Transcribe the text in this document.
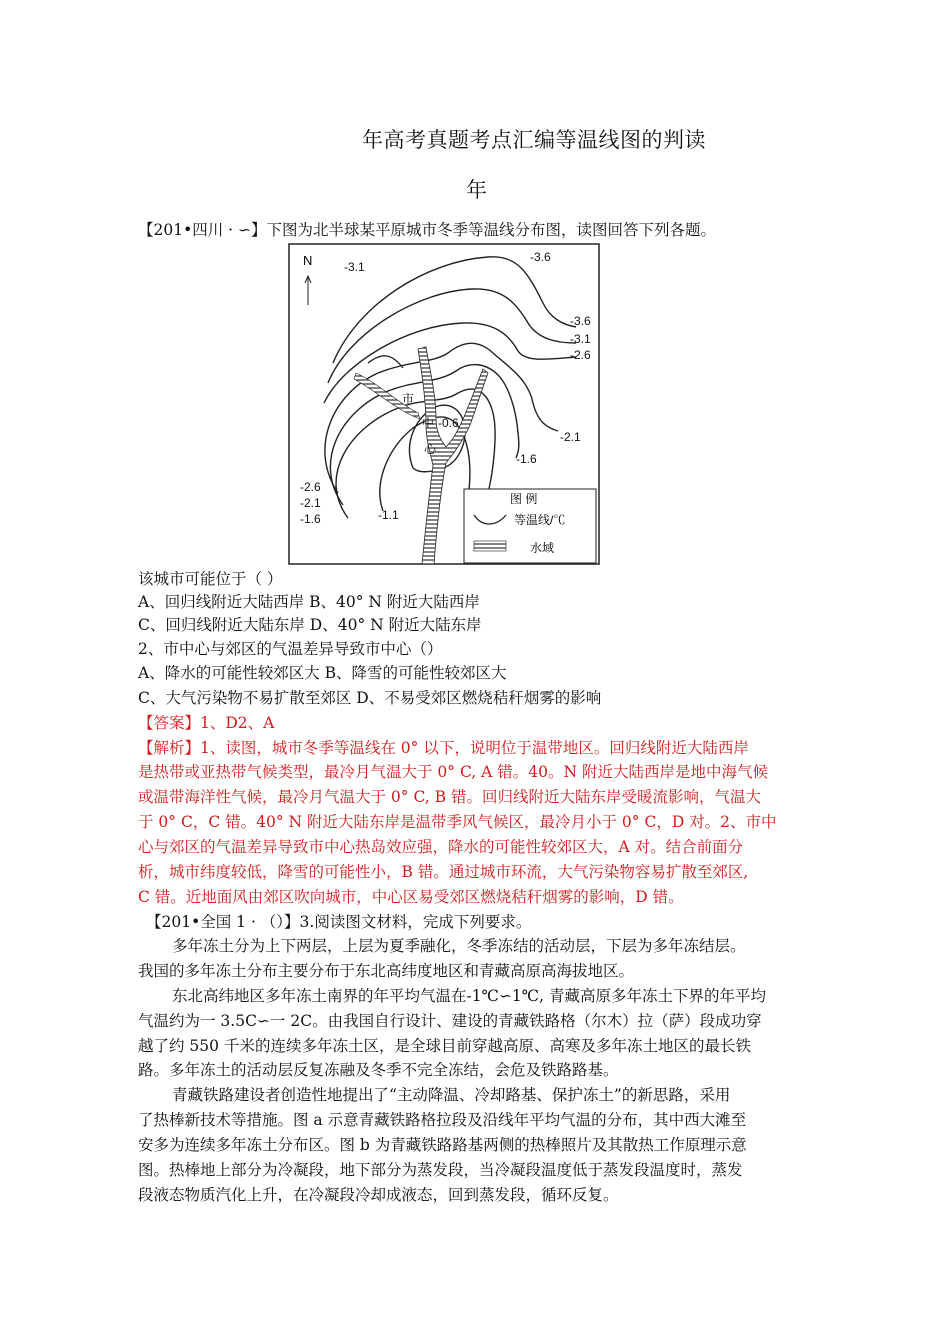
年高考真题考点汇编等温线图的判读
年
【201•四川 · ∽】下图为北半球某平原城市冬季等温线分布图，读图回答下列各题。
N	-3.1
-3.6
-3.6
-3.1
-2.6
-2.1
-1.6
-2.6
-2.1
-1.6	-1.1
-0.6
市
中
心
图 例
等温线/℃
水域
该城市可能位于（ ）
A、回归线附近大陆西岸 B、40° N 附近大陆西岸
C、回归线附近大陆东岸 D、40° N 附近大陆东岸
2、市中心与郊区的气温差异导致市中心（）
A、降水的可能性较郊区大 B、降雪的可能性较郊区大
C、大气污染物不易扩散至郊区 D、不易受郊区燃烧秸秆烟雾的影响
【答案】1、D2、A
【解析】1、读图，城市冬季等温线在 0° 以下，说明位于温带地区。回归线附近大陆西岸
是热带或亚热带气候类型，最冷月气温大于 0° C, A 错。40。N 附近大陆西岸是地中海气候
或温带海洋性气候，最冷月气温大于 0° C, B 错。回归线附近大陆东岸受暖流影响，气温大
于 0° C，C 错。40° N 附近大陆东岸是温带季风气候区，最冷月小于 0° C，D 对。2、市中
心与郊区的气温差异导致市中心热岛效应强，降水的可能性较郊区大，A 对。结合前面分
析，城市纬度较低，降雪的可能性小，B 错。通过城市环流，大气污染物容易扩散至郊区,
C 错。近地面风由郊区吹向城市，中心区易受郊区燃烧秸秆烟雾的影响，D 错。
【201•全国 1 · （）】3.阅读图文材料，完成下列要求。
多年冻土分为上下两层，上层为夏季融化，冬季冻结的活动层，下层为多年冻结层。
我国的多年冻土分布主要分布于东北高纬度地区和青藏高原高海拔地区。
东北高纬地区多年冻土南界的年平均气温在-1℃∽1℃, 青藏高原多年冻土下界的年平均
气温约为一 3.5C∽一 2C。由我国自行设计、建设的青藏铁路格（尔木）拉（萨）段成功穿
越了约 550 千米的连续多年冻土区，是全球目前穿越高原、高寒及多年冻土地区的最长铁
路。多年冻土的活动层反复冻融及冬季不完全冻结，会危及铁路路基。
青藏铁路建设者创造性地提出了“主动降温、冷却路基、保护冻土”的新思路，采用
了热棒新技术等措施。图 a 示意青藏铁路格拉段及沿线年平均气温的分布，其中西大滩至
安多为连续多年冻土分布区。图 b 为青藏铁路路基两侧的热棒照片及其散热工作原理示意
图。热棒地上部分为冷凝段，地下部分为蒸发段，当冷凝段温度低于蒸发段温度时，蒸发
段液态物质汽化上升，在冷凝段冷却成液态，回到蒸发段，循环反复。
